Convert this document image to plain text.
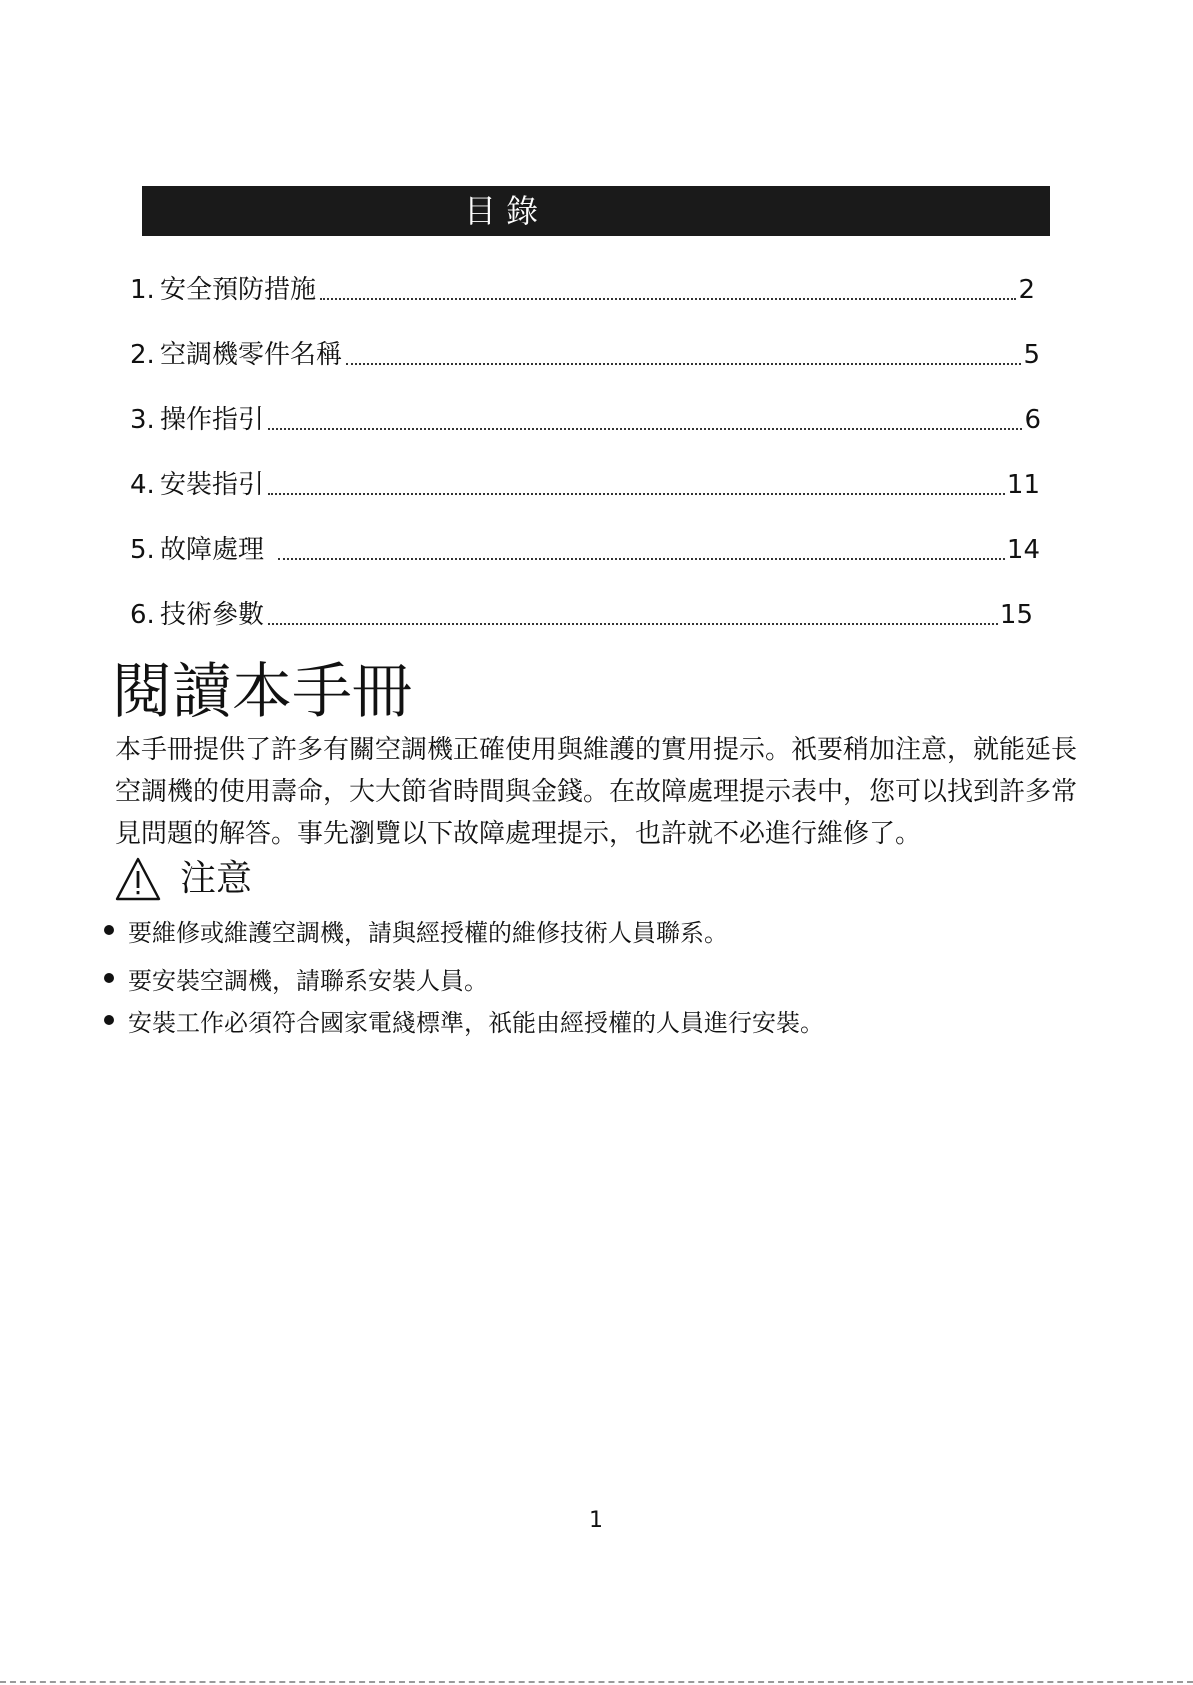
目 錄
1. 安全預防措施	2
2. 空調機零件名稱	5
3. 操作指引	6
4. 安裝指引	11
5. 故障處理	14
6. 技術參數	15
閱讀本手冊
本手冊提供了許多有關空調機正確使用與維護的實用提示。祇要稍加注意，就能延長
空調機的使用壽命，大大節省時間與金錢。在故障處理提示表中，您可以找到許多常
見問題的解答。事先瀏覽以下故障處理提示，也許就不必進行維修了。
注意
要維修或維護空調機，請與經授權的維修技術人員聯系。
要安裝空調機，請聯系安裝人員。
安裝工作必須符合國家電綫標準，祇能由經授權的人員進行安裝。
1
